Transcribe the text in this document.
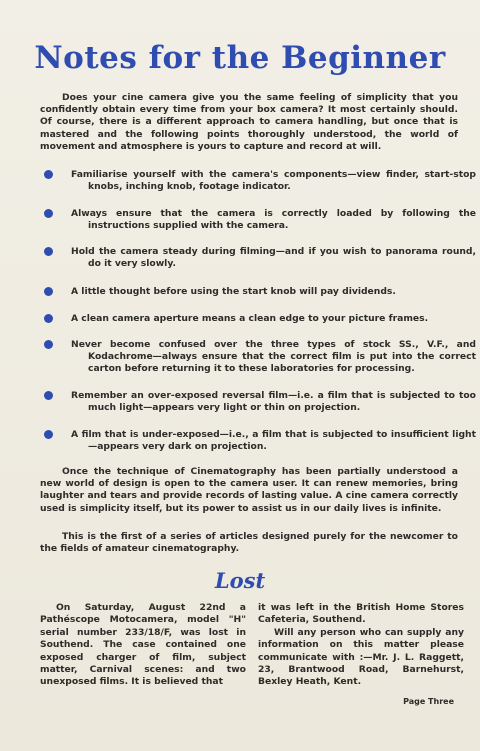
Notes for the Beginner
Does your cine camera give you the same feeling of simplicity that you confidently obtain every time from your box camera? It most certainly should. Of course, there is a different approach to camera handling, but once that is mastered and the following points thoroughly understood, the world of movement and atmosphere is yours to capture and record at will.
Familiarise yourself with the camera's components—view finder, start-stop knobs, inching knob, footage indicator.
Always ensure that the camera is correctly loaded by following the instructions supplied with the camera.
Hold the camera steady during filming—and if you wish to panorama round, do it very slowly.
A little thought before using the start knob will pay dividends.
A clean camera aperture means a clean edge to your picture frames.
Never become confused over the three types of stock SS., V.F., and Kodachrome—always ensure that the correct film is put into the correct carton before returning it to these laboratories for processing.
Remember an over-exposed reversal film—i.e. a film that is subjected to too much light—appears very light or thin on projection.
A film that is under-exposed—i.e., a film that is subjected to insufficient light—appears very dark on projection.
Once the technique of Cinematography has been partially understood a new world of design is open to the camera user. It can renew memories, bring laughter and tears and provide records of lasting value. A cine camera correctly used is simplicity itself, but its power to assist us in our daily lives is infinite.
This is the first of a series of articles designed purely for the newcomer to the fields of amateur cinematography.
Lost

On Saturday, August 22nd a Pathéscope Motocamera, model "H" serial number 233/18/F, was lost in Southend. The case contained one exposed charger of film, subject matter, Carnival scenes: and two unexposed films. It is believed that

it was left in the British Home Stores Cafeteria, Southend.

Will any person who can supply any information on this matter please communicate with :—Mr. J. L. Raggett, 23, Brantwood Road, Barnehurst, Bexley Heath, Kent.

Page Three
